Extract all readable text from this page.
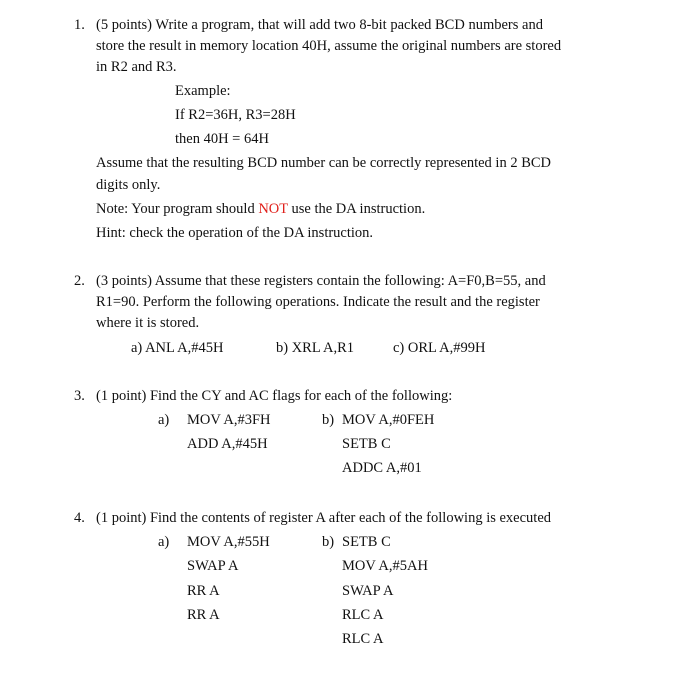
1. (5 points) Write a program, that will add two 8-bit packed BCD numbers and
store the result in memory location 40H, assume the original numbers are stored
in R2 and R3.
Example:
If R2=36H, R3=28H
then 40H = 64H
Assume that the resulting BCD number can be correctly represented in 2 BCD
digits only.
Note: Your program should NOT use the DA instruction.
Hint: check the operation of the DA instruction.
2. (3 points) Assume that these registers contain the following: A=F0,B=55, and
R1=90. Perform the following operations. Indicate the result and the register
where it is stored.
a) ANL A,#45H	b) XRL A,R1	c) ORL A,#99H
3. (1 point) Find the CY and AC flags for each of the following:
a) MOV A,#3FH
ADD A,#45H
b) MOV A,#0FEH
SETB C
ADDC A,#01
4. (1 point) Find the contents of register A after each of the following is executed
a) MOV A,#55H
SWAP A
RR A
RR A
b) SETB C
MOV A,#5AH
SWAP A
RLC A
RLC A
